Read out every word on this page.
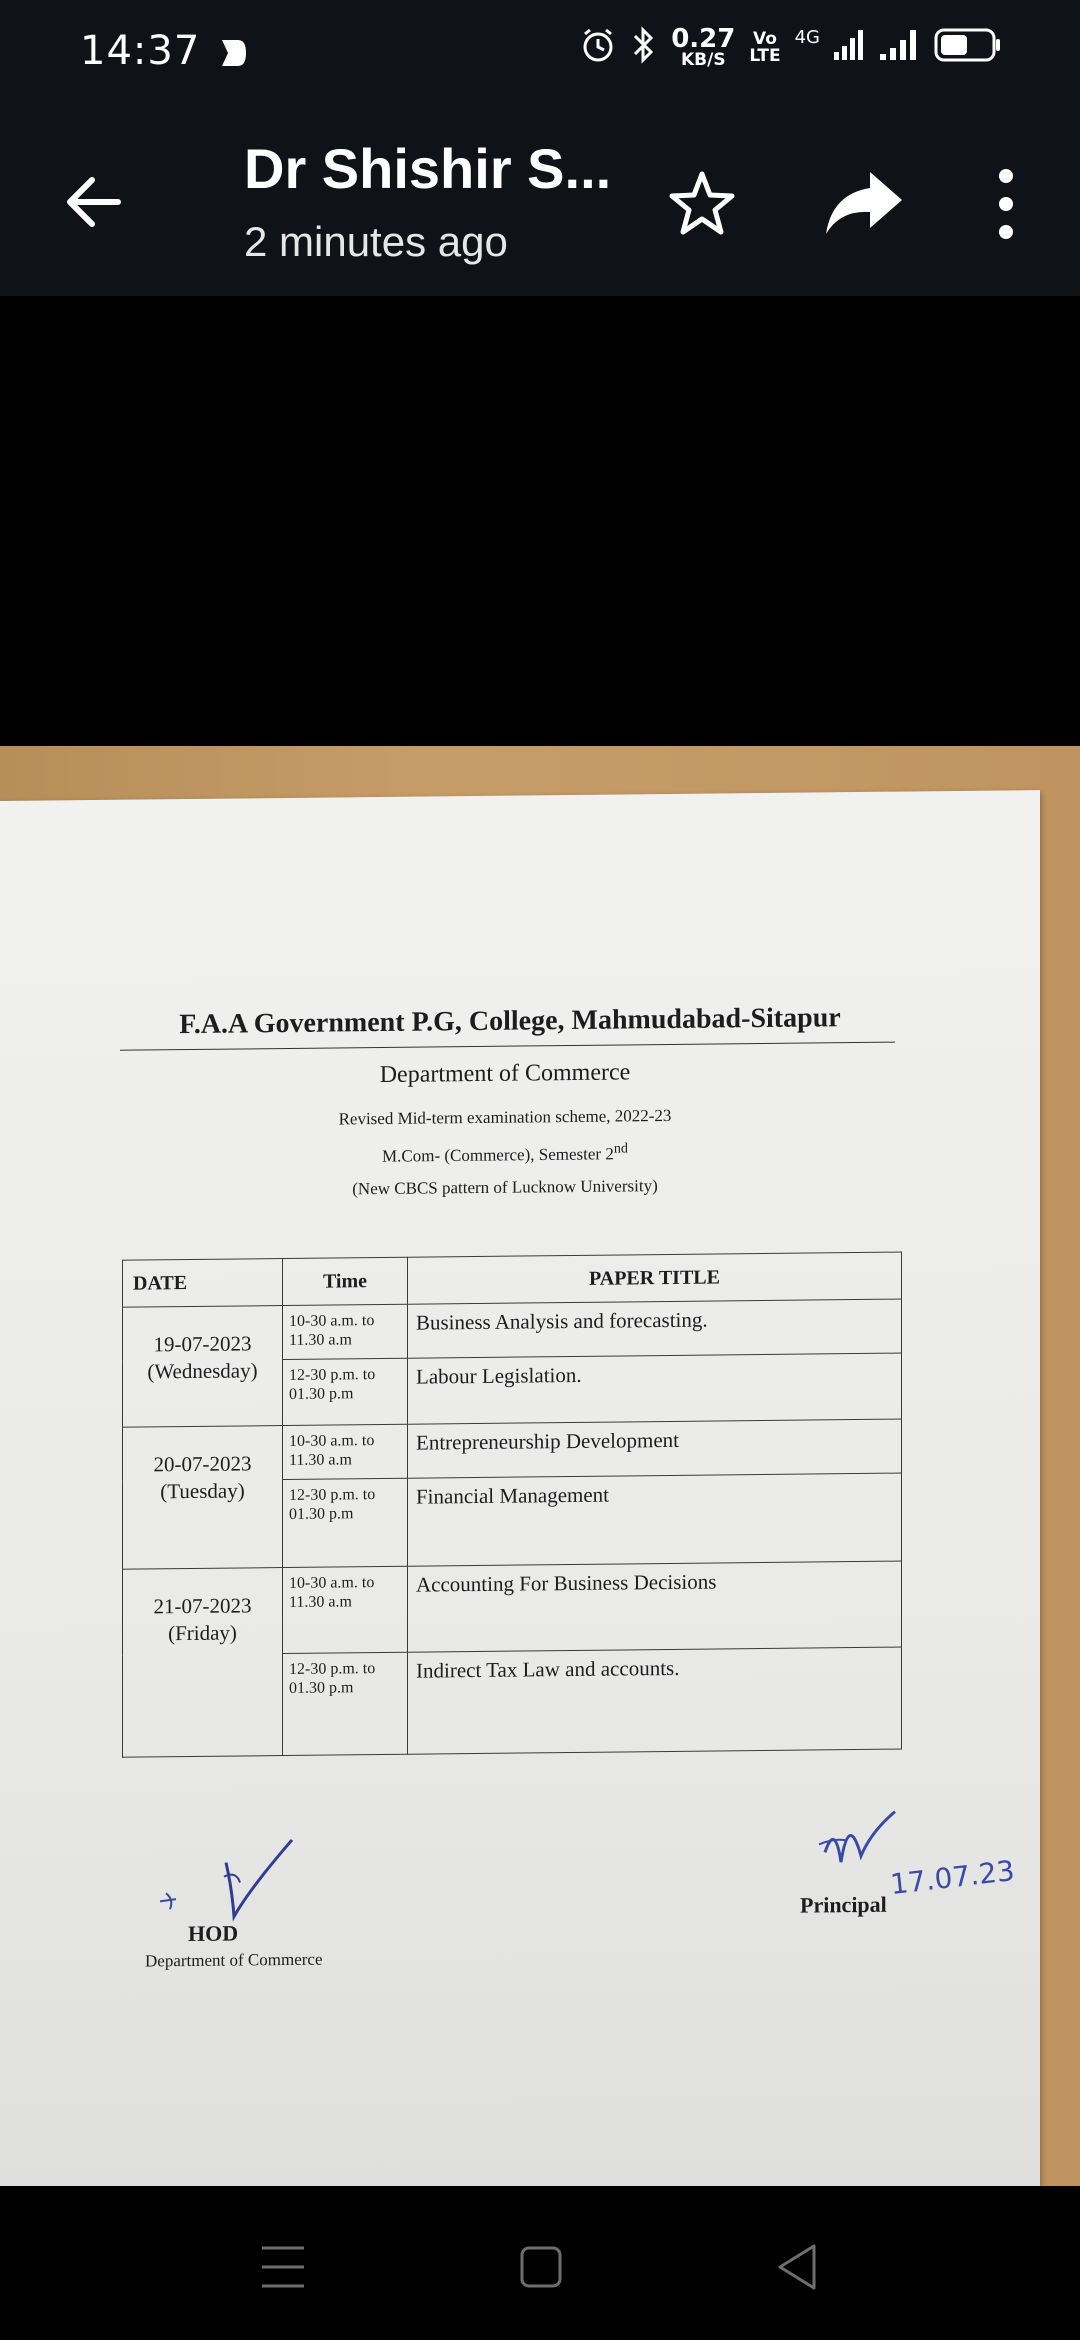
14:37	0.27
KB/S
Vo
LTE
4G
Dr Shishir S...
2 minutes ago
F.A.A Government P.G, College, Mahmudabad-Sitapur
Department of Commerce
Revised Mid-term examination scheme, 2022-23
M.Com- (Commerce), Semester 2nd
(New CBCS pattern of Lucknow University)
DATE	Time	PAPER TITLE

19-07-2023
(Wednesday)	10-30 a.m. to 11.30 a.m	Business Analysis and forecasting.
	12-30 p.m. to 01.30 p.m	Labour Legislation.

20-07-2023
(Tuesday)	10-30 a.m. to 11.30 a.m	Entrepreneurship Development
	12-30 p.m. to 01.30 p.m	Financial Management

21-07-2023
(Friday)	10-30 a.m. to 11.30 a.m	Accounting For Business Decisions
	12-30 p.m. to 01.30 p.m	Indirect Tax Law and accounts.
HOD
Department of Commerce
17.07.23
Principal
